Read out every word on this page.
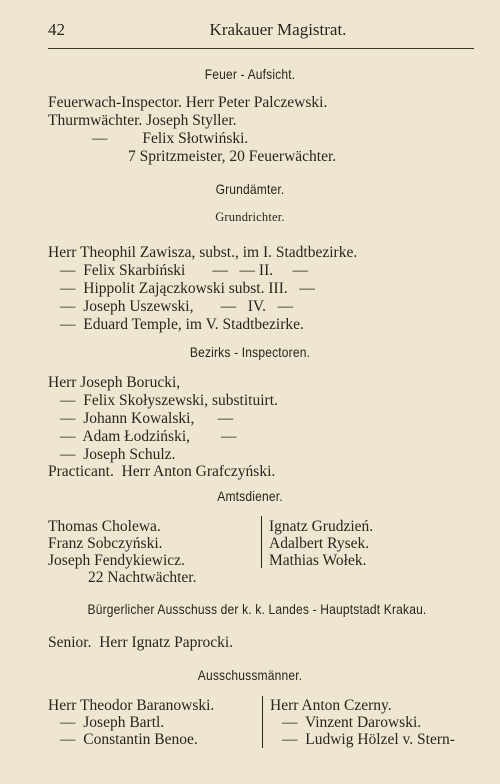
42	Krakauer Magistrat.
Feuer - Aufsicht.
Feuerwach-Inspector. Herr Peter Palczewski.
Thurmwächter. Joseph Styller.
—         Felix Słotwiński.
7 Spritzmeister, 20 Feuerwächter.
Grundämter.
Grundrichter.
Herr Theophil Zawisza, subst., im I. Stadtbezirke.
—  Felix Skarbiński       —   — II.     —
—  Hippolit Zajączkowski subst. III.   —
—  Joseph Uszewski,       —   IV.   —
—  Eduard Temple, im V. Stadtbezirke.
Bezirks - Inspectoren.
Herr Joseph Borucki,
—  Felix Skołyszewski, substituirt.
—  Johann Kowalski,      —
—  Adam Łodziński,        —
—  Joseph Schulz.
Practicant.  Herr Anton Grafczyński.
Amtsdiener.
Thomas Cholewa.
Franz Sobczyński.
Joseph Fendykiewicz.
22 Nachtwächter.
Ignatz Grudzień.
Adalbert Rysek.
Mathias Wołek.
Bürgerlicher Ausschuss der k. k. Landes - Hauptstadt Krakau.
Senior.  Herr Ignatz Paprocki.
Ausschussmänner.
Herr Theodor Baranowski.
—  Joseph Bartl.
—  Constantin Benoe.
Herr Anton Czerny.
—  Vinzent Darowski.
—  Ludwig Hölzel v. Stern-
